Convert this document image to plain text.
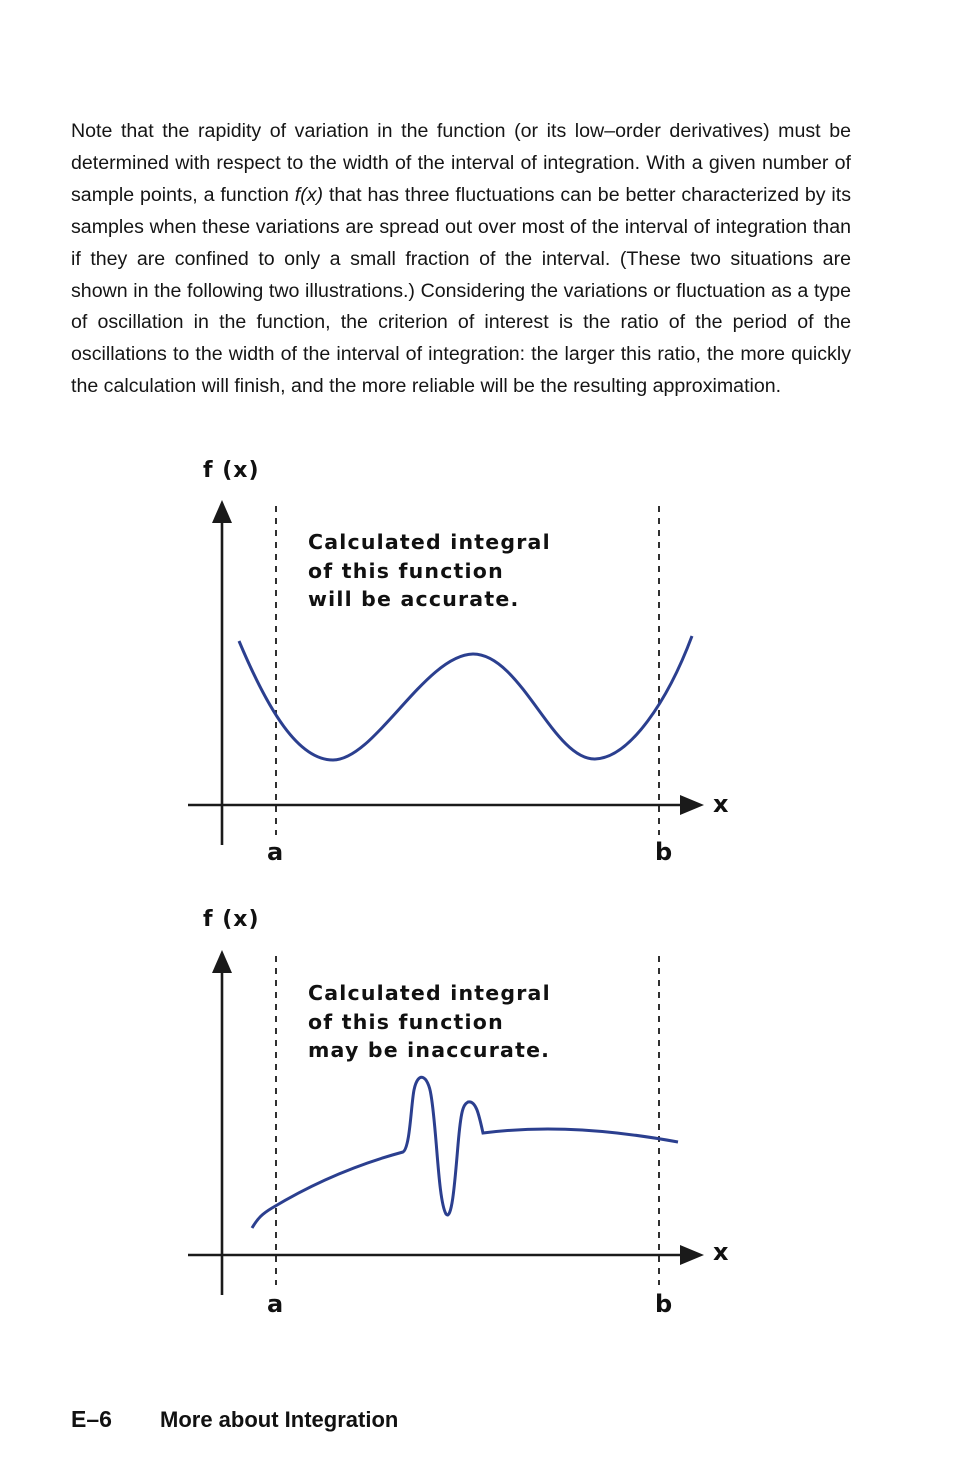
Note that the rapidity of variation in the function (or its low–order derivatives) must be determined with respect to the width of the interval of integration. With a given number of sample points, a function f(x) that has three fluctuations can be better characterized by its samples when these variations are spread out over most of the interval of integration than if they are confined to only a small fraction of the interval. (These two situations are shown in the following two illustrations.) Considering the variations or fluctuation as a type of oscillation in the function, the criterion of interest is the ratio of the period of the oscillations to the width of the interval of integration: the larger this ratio, the more quickly the calculation will finish, and the more reliable will be the resulting approximation.
f (x)
x
a	b
Calculated integral
of this function
will be accurate.
f (x)
x
a	b
Calculated integral
of this function
may be inaccurate.
E–6 More about Integration
